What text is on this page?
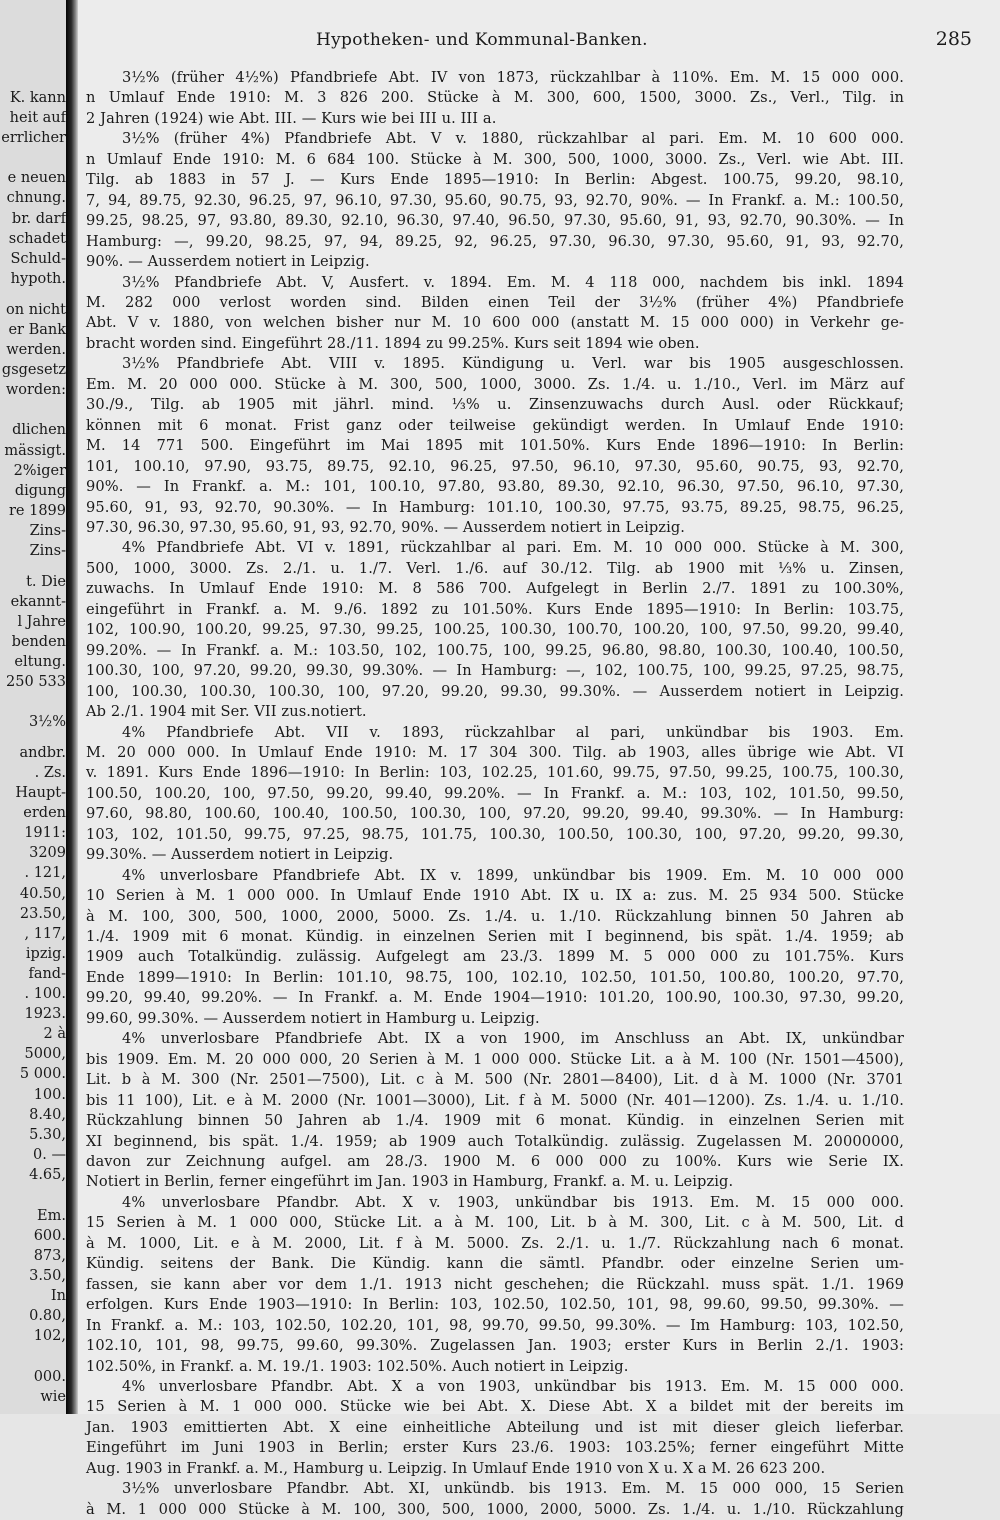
K. kann
heit auf
errlicher
e neuen
chnung.
br. darf
schadet
Schuld-
hypoth.
on nicht
er Bank
werden.
gsgesetz
worden:
dlichen
mässigt.
2%iger
digung
re 1899
Zins-
Zins-
t. Die
ekannt-
l Jahre
benden
eltung.
250 533
3½%
andbr.
. Zs.
Haupt-
erden
1911:
3209
. 121,
40.50,
23.50,
, 117,
ipzig.
fand-
. 100.
1923.
2 à
5000,
5 000.
100.
8.40,
5.30,
0. —
4.65,
Em.
600.
873,
3.50,
In
0.80,
102,
000.
wie
Hypotheken- und Kommunal-Banken.	285
3½% (früher 4½%) Pfandbriefe Abt. IV von 1873, rückzahlbar à 110%. Em. M. 15 000 000.
n Umlauf Ende 1910: M. 3 826 200. Stücke à M. 300, 600, 1500, 3000. Zs., Verl., Tilg. in
2 Jahren (1924) wie Abt. III. — Kurs wie bei III u. III a.
3½% (früher 4%) Pfandbriefe Abt. V v. 1880, rückzahlbar al pari. Em. M. 10 600 000.
n Umlauf Ende 1910: M. 6 684 100. Stücke à M. 300, 500, 1000, 3000. Zs., Verl. wie Abt. III.
Tilg. ab 1883 in 57 J. — Kurs Ende 1895—1910: In Berlin: Abgest. 100.75, 99.20, 98.10,
7, 94, 89.75, 92.30, 96.25, 97, 96.10, 97.30, 95.60, 90.75, 93, 92.70, 90%. — In Frankf. a. M.: 100.50,
99.25, 98.25, 97, 93.80, 89.30, 92.10, 96.30, 97.40, 96.50, 97.30, 95.60, 91, 93, 92.70, 90.30%. — In
Hamburg: —, 99.20, 98.25, 97, 94, 89.25, 92, 96.25, 97.30, 96.30, 97.30, 95.60, 91, 93, 92.70,
90%. — Ausserdem notiert in Leipzig.
3½% Pfandbriefe Abt. V, Ausfert. v. 1894. Em. M. 4 118 000, nachdem bis inkl. 1894
M. 282 000 verlost worden sind. Bilden einen Teil der 3½% (früher 4%) Pfandbriefe
Abt. V v. 1880, von welchen bisher nur M. 10 600 000 (anstatt M. 15 000 000) in Verkehr ge-
bracht worden sind. Eingeführt 28./11. 1894 zu 99.25%. Kurs seit 1894 wie oben.
3½% Pfandbriefe Abt. VIII v. 1895. Kündigung u. Verl. war bis 1905 ausgeschlossen.
Em. M. 20 000 000. Stücke à M. 300, 500, 1000, 3000. Zs. 1./4. u. 1./10., Verl. im März auf
30./9., Tilg. ab 1905 mit jährl. mind. ⅓% u. Zinsenzuwachs durch Ausl. oder Rückkauf;
können mit 6 monat. Frist ganz oder teilweise gekündigt werden. In Umlauf Ende 1910:
M. 14 771 500. Eingeführt im Mai 1895 mit 101.50%. Kurs Ende 1896—1910: In Berlin:
101, 100.10, 97.90, 93.75, 89.75, 92.10, 96.25, 97.50, 96.10, 97.30, 95.60, 90.75, 93, 92.70,
90%. — In Frankf. a. M.: 101, 100.10, 97.80, 93.80, 89.30, 92.10, 96.30, 97.50, 96.10, 97.30,
95.60, 91, 93, 92.70, 90.30%. — In Hamburg: 101.10, 100.30, 97.75, 93.75, 89.25, 98.75, 96.25,
97.30, 96.30, 97.30, 95.60, 91, 93, 92.70, 90%. — Ausserdem notiert in Leipzig.
4% Pfandbriefe Abt. VI v. 1891, rückzahlbar al pari. Em. M. 10 000 000. Stücke à M. 300,
500, 1000, 3000. Zs. 2./1. u. 1./7. Verl. 1./6. auf 30./12. Tilg. ab 1900 mit ⅓% u. Zinsen,
zuwachs. In Umlauf Ende 1910: M. 8 586 700. Aufgelegt in Berlin 2./7. 1891 zu 100.30%,
eingeführt in Frankf. a. M. 9./6. 1892 zu 101.50%. Kurs Ende 1895—1910: In Berlin: 103.75,
102, 100.90, 100.20, 99.25, 97.30, 99.25, 100.25, 100.30, 100.70, 100.20, 100, 97.50, 99.20, 99.40,
99.20%. — In Frankf. a. M.: 103.50, 102, 100.75, 100, 99.25, 96.80, 98.80, 100.30, 100.40, 100.50,
100.30, 100, 97.20, 99.20, 99.30, 99.30%. — In Hamburg: —, 102, 100.75, 100, 99.25, 97.25, 98.75,
100, 100.30, 100.30, 100.30, 100, 97.20, 99.20, 99.30, 99.30%. — Ausserdem notiert in Leipzig.
Ab 2./1. 1904 mit Ser. VII zus.notiert.
4% Pfandbriefe Abt. VII v. 1893, rückzahlbar al pari, unkündbar bis 1903. Em.
M. 20 000 000. In Umlauf Ende 1910: M. 17 304 300. Tilg. ab 1903, alles übrige wie Abt. VI
v. 1891. Kurs Ende 1896—1910: In Berlin: 103, 102.25, 101.60, 99.75, 97.50, 99.25, 100.75, 100.30,
100.50, 100.20, 100, 97.50, 99.20, 99.40, 99.20%. — In Frankf. a. M.: 103, 102, 101.50, 99.50,
97.60, 98.80, 100.60, 100.40, 100.50, 100.30, 100, 97.20, 99.20, 99.40, 99.30%. — In Hamburg:
103, 102, 101.50, 99.75, 97.25, 98.75, 101.75, 100.30, 100.50, 100.30, 100, 97.20, 99.20, 99.30,
99.30%. — Ausserdem notiert in Leipzig.
4% unverlosbare Pfandbriefe Abt. IX v. 1899, unkündbar bis 1909. Em. M. 10 000 000
10 Serien à M. 1 000 000. In Umlauf Ende 1910 Abt. IX u. IX a: zus. M. 25 934 500. Stücke
à M. 100, 300, 500, 1000, 2000, 5000. Zs. 1./4. u. 1./10. Rückzahlung binnen 50 Jahren ab
1./4. 1909 mit 6 monat. Kündig. in einzelnen Serien mit I beginnend, bis spät. 1./4. 1959; ab
1909 auch Totalkündig. zulässig. Aufgelegt am 23./3. 1899 M. 5 000 000 zu 101.75%. Kurs
Ende 1899—1910: In Berlin: 101.10, 98.75, 100, 102.10, 102.50, 101.50, 100.80, 100.20, 97.70,
99.20, 99.40, 99.20%. — In Frankf. a. M. Ende 1904—1910: 101.20, 100.90, 100.30, 97.30, 99.20,
99.60, 99.30%. — Ausserdem notiert in Hamburg u. Leipzig.
4% unverlosbare Pfandbriefe Abt. IX a von 1900, im Anschluss an Abt. IX, unkündbar
bis 1909. Em. M. 20 000 000, 20 Serien à M. 1 000 000. Stücke Lit. a à M. 100 (Nr. 1501—4500),
Lit. b à M. 300 (Nr. 2501—7500), Lit. c à M. 500 (Nr. 2801—8400), Lit. d à M. 1000 (Nr. 3701
bis 11 100), Lit. e à M. 2000 (Nr. 1001—3000), Lit. f à M. 5000 (Nr. 401—1200). Zs. 1./4. u. 1./10.
Rückzahlung binnen 50 Jahren ab 1./4. 1909 mit 6 monat. Kündig. in einzelnen Serien mit
XI beginnend, bis spät. 1./4. 1959; ab 1909 auch Totalkündig. zulässig. Zugelassen M. 20000000,
davon zur Zeichnung aufgel. am 28./3. 1900 M. 6 000 000 zu 100%. Kurs wie Serie IX.
Notiert in Berlin, ferner eingeführt im Jan. 1903 in Hamburg, Frankf. a. M. u. Leipzig.
4% unverlosbare Pfandbr. Abt. X v. 1903, unkündbar bis 1913. Em. M. 15 000 000.
15 Serien à M. 1 000 000, Stücke Lit. a à M. 100, Lit. b à M. 300, Lit. c à M. 500, Lit. d
à M. 1000, Lit. e à M. 2000, Lit. f à M. 5000. Zs. 2./1. u. 1./7. Rückzahlung nach 6 monat.
Kündig. seitens der Bank. Die Kündig. kann die sämtl. Pfandbr. oder einzelne Serien um-
fassen, sie kann aber vor dem 1./1. 1913 nicht geschehen; die Rückzahl. muss spät. 1./1. 1969
erfolgen. Kurs Ende 1903—1910: In Berlin: 103, 102.50, 102.50, 101, 98, 99.60, 99.50, 99.30%. —
In Frankf. a. M.: 103, 102.50, 102.20, 101, 98, 99.70, 99.50, 99.30%. — Im Hamburg: 103, 102.50,
102.10, 101, 98, 99.75, 99.60, 99.30%. Zugelassen Jan. 1903; erster Kurs in Berlin 2./1. 1903:
102.50%, in Frankf. a. M. 19./1. 1903: 102.50%. Auch notiert in Leipzig.
4% unverlosbare Pfandbr. Abt. X a von 1903, unkündbar bis 1913. Em. M. 15 000 000.
15 Serien à M. 1 000 000. Stücke wie bei Abt. X. Diese Abt. X a bildet mit der bereits im
Jan. 1903 emittierten Abt. X eine einheitliche Abteilung und ist mit dieser gleich lieferbar.
Eingeführt im Juni 1903 in Berlin; erster Kurs 23./6. 1903: 103.25%; ferner eingeführt Mitte
Aug. 1903 in Frankf. a. M., Hamburg u. Leipzig. In Umlauf Ende 1910 von X u. X a M. 26 623 200.
3½% unverlosbare Pfandbr. Abt. XI, unkündb. bis 1913. Em. M. 15 000 000, 15 Serien
à M. 1 000 000 Stücke à M. 100, 300, 500, 1000, 2000, 5000. Zs. 1./4. u. 1./10. Rückzahlung
